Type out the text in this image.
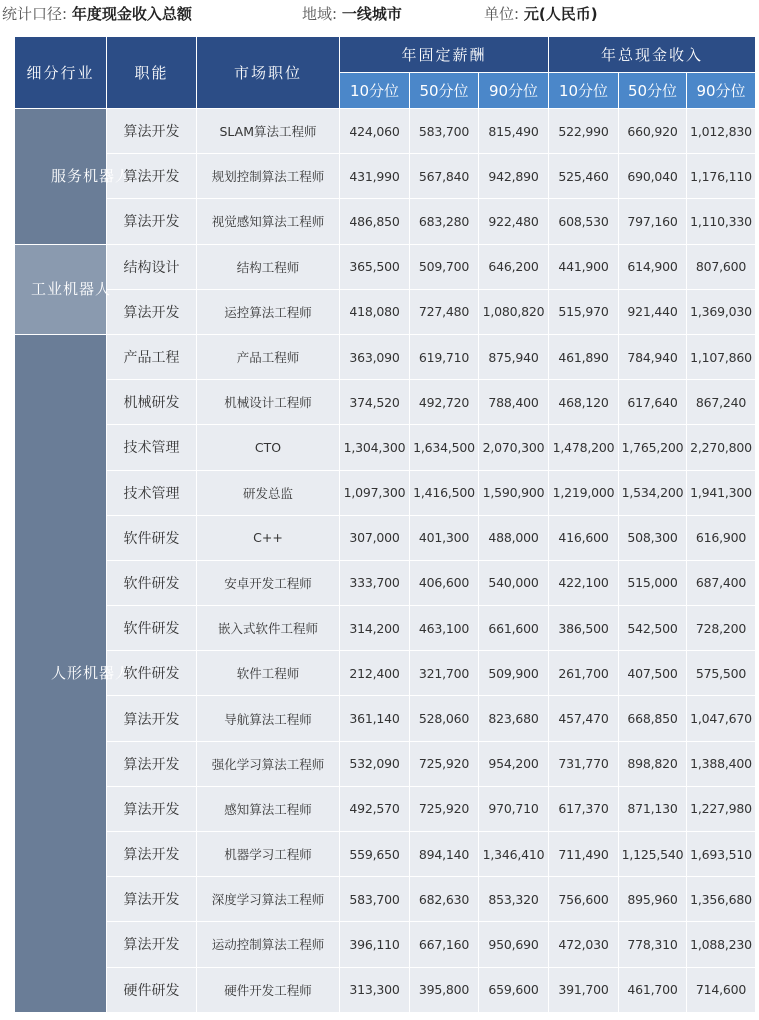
统计口径: 年度现金收入总额	地域: 一线城市	单位: 元(人民币)
细分行业	职能	市场职位	年固定薪酬			年总现金收入		
			10分位	50分位	90分位	10分位	50分位	90分位
服务机器人	算法开发	SLAM算法工程师	424,060	583,700	815,490	522,990	660,920	1,012,830
	算法开发	规划控制算法工程师	431,990	567,840	942,890	525,460	690,040	1,176,110
	算法开发	视觉感知算法工程师	486,850	683,280	922,480	608,530	797,160	1,110,330
工业机器人	结构设计	结构工程师	365,500	509,700	646,200	441,900	614,900	807,600
	算法开发	运控算法工程师	418,080	727,480	1,080,820	515,970	921,440	1,369,030
人形机器人	产品工程	产品工程师	363,090	619,710	875,940	461,890	784,940	1,107,860
	机械研发	机械设计工程师	374,520	492,720	788,400	468,120	617,640	867,240
	技术管理	CTO	1,304,300	1,634,500	2,070,300	1,478,200	1,765,200	2,270,800
	技术管理	研发总监	1,097,300	1,416,500	1,590,900	1,219,000	1,534,200	1,941,300
	软件研发	C++	307,000	401,300	488,000	416,600	508,300	616,900
	软件研发	安卓开发工程师	333,700	406,600	540,000	422,100	515,000	687,400
	软件研发	嵌入式软件工程师	314,200	463,100	661,600	386,500	542,500	728,200
	软件研发	软件工程师	212,400	321,700	509,900	261,700	407,500	575,500
	算法开发	导航算法工程师	361,140	528,060	823,680	457,470	668,850	1,047,670
	算法开发	强化学习算法工程师	532,090	725,920	954,200	731,770	898,820	1,388,400
	算法开发	感知算法工程师	492,570	725,920	970,710	617,370	871,130	1,227,980
	算法开发	机器学习工程师	559,650	894,140	1,346,410	711,490	1,125,540	1,693,510
	算法开发	深度学习算法工程师	583,700	682,630	853,320	756,600	895,960	1,356,680
	算法开发	运动控制算法工程师	396,110	667,160	950,690	472,030	778,310	1,088,230
	硬件研发	硬件开发工程师	313,300	395,800	659,600	391,700	461,700	714,600
